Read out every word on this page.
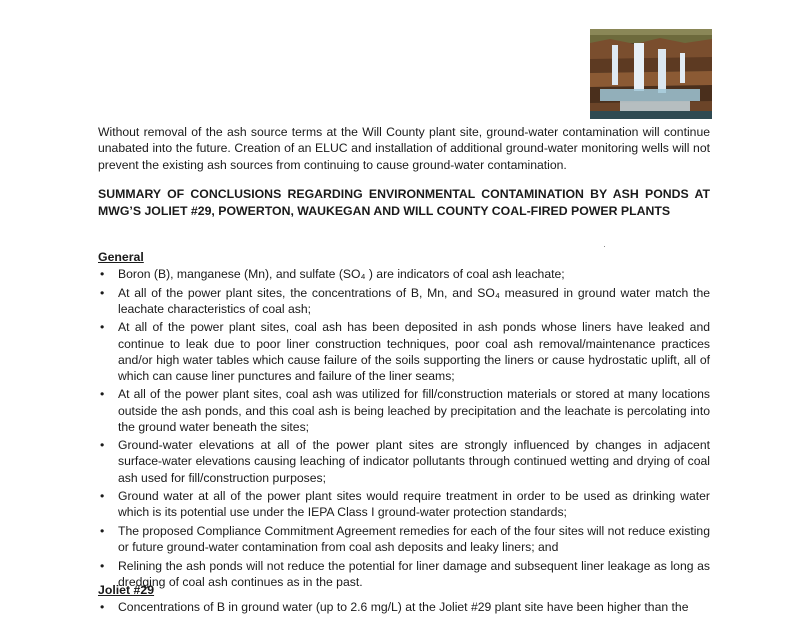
Without removal of the ash source terms at the Will County plant site, ground-water contamination will continue unabated into the future. Creation of an ELUC and installation of additional ground-water monitoring wells will not prevent the existing ash sources from continuing to cause ground-water contamination.

SUMMARY OF CONCLUSIONS REGARDING ENVIRONMENTAL CONTAMINATION BY ASH PONDS AT MWG’S JOLIET #29, POWERTON, WAUKEGAN AND WILL COUNTY COAL-FIRED POWER PLANTS

General

• Boron (B), manganese (Mn), and sulfate (SO₄ ) are indicators of coal ash leachate;
• At all of the power plant sites, the concentrations of B, Mn, and SO₄ measured in ground water match the leachate characteristics of coal ash;
• At all of the power plant sites, coal ash has been deposited in ash ponds whose liners have leaked and continue to leak due to poor liner construction techniques, poor coal ash removal/maintenance practices and/or high water tables which cause failure of the soils supporting the liners or cause hydrostatic uplift, all of which can cause liner punctures and failure of the liner seams;
• At all of the power plant sites, coal ash was utilized for fill/construction materials or stored at many locations outside the ash ponds, and this coal ash is being leached by precipitation and the leachate is percolating into the ground water beneath the sites;
• Ground-water elevations at all of the power plant sites are strongly influenced by changes in adjacent surface-water elevations causing leaching of indicator pollutants through continued wetting and drying of coal ash used for fill/construction purposes;
• Ground water at all of the power plant sites would require treatment in order to be used as drinking water which is its potential use under the IEPA Class I ground-water protection standards;
• The proposed Compliance Commitment Agreement remedies for each of the four sites will not reduce existing or future ground-water contamination from coal ash deposits and leaky liners; and
• Relining the ash ponds will not reduce the potential for liner damage and subsequent liner leakage as long as dredging of coal ash continues as in the past.

Joliet #29

• Concentrations of B in ground water (up to 2.6 mg/L) at the Joliet #29 plant site have been higher than the
